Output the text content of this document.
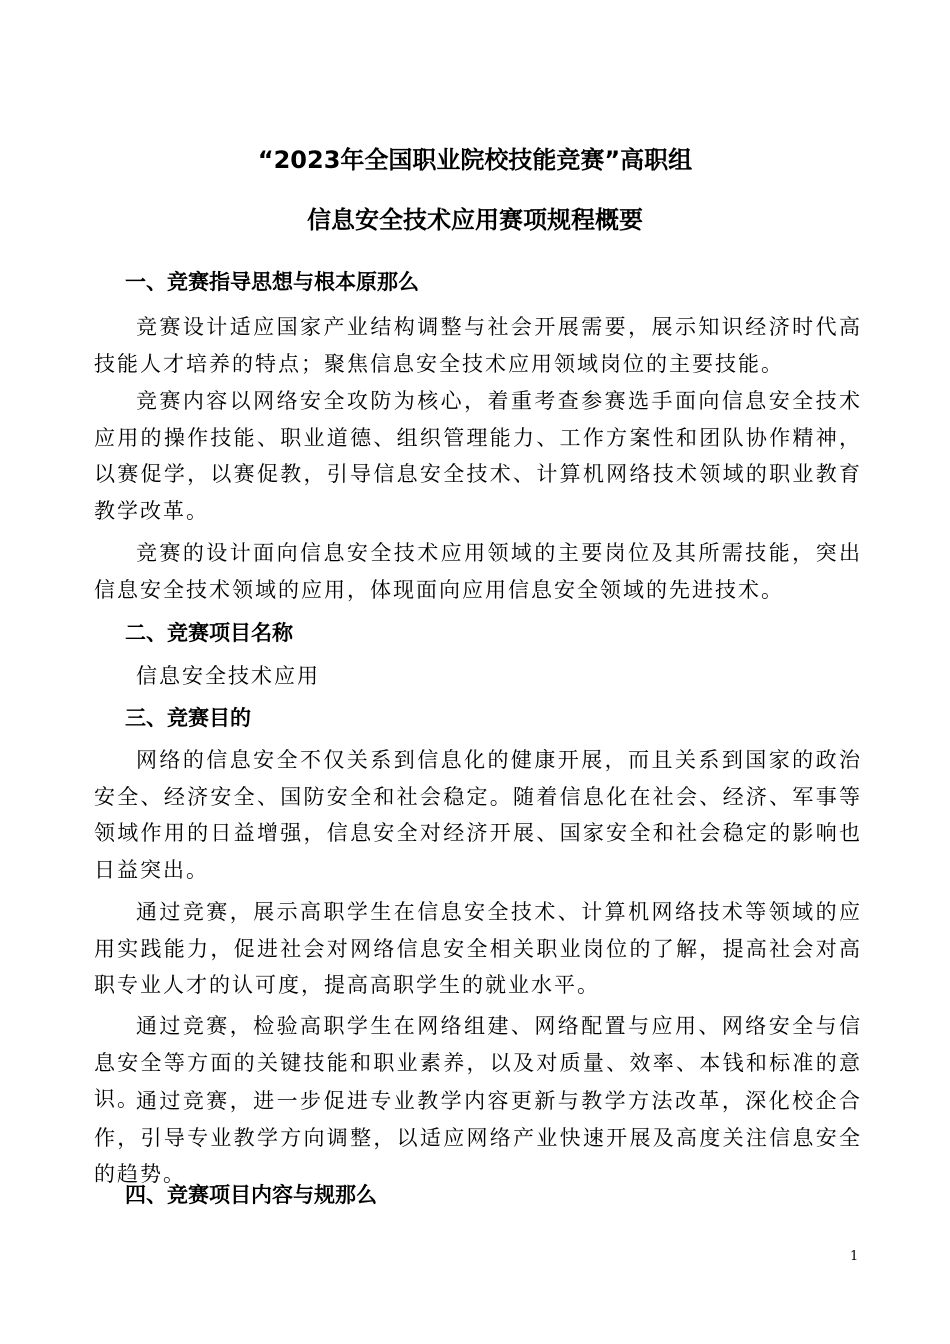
“2023年全国职业院校技能竞赛”高职组
信息安全技术应用赛项规程概要
一、竞赛指导思想与根本原那么

竞赛设计适应国家产业结构调整与社会开展需要，展示知识经济时代高技能人才培养的特点；聚焦信息安全技术应用领域岗位的主要技能。

竞赛内容以网络安全攻防为核心，着重考查参赛选手面向信息安全技术应用的操作技能、职业道德、组织管理能力、工作方案性和团队协作精神，以赛促学，以赛促教，引导信息安全技术、计算机网络技术领域的职业教育教学改革。

竞赛的设计面向信息安全技术应用领域的主要岗位及其所需技能，突出信息安全技术领域的应用，体现面向应用信息安全领域的先进技术。

二、竞赛项目名称
信息安全技术应用
三、竞赛目的

网络的信息安全不仅关系到信息化的健康开展，而且关系到国家的政治安全、经济安全、国防安全和社会稳定。随着信息化在社会、经济、军事等领域作用的日益增强，信息安全对经济开展、国家安全和社会稳定的影响也日益突出。

通过竞赛，展示高职学生在信息安全技术、计算机网络技术等领域的应用实践能力，促进社会对网络信息安全相关职业岗位的了解，提高社会对高职专业人才的认可度，提高高职学生的就业水平。

通过竞赛，检验高职学生在网络组建、网络配置与应用、网络安全与信息安全等方面的关键技能和职业素养，以及对质量、效率、本钱和标准的意识。

通过竞赛，进一步促进专业教学内容更新与教学方法改革，深化校企合作，引导专业教学方向调整，以适应网络产业快速开展及高度关注信息安全的趋势。

四、竞赛项目内容与规那么
1
